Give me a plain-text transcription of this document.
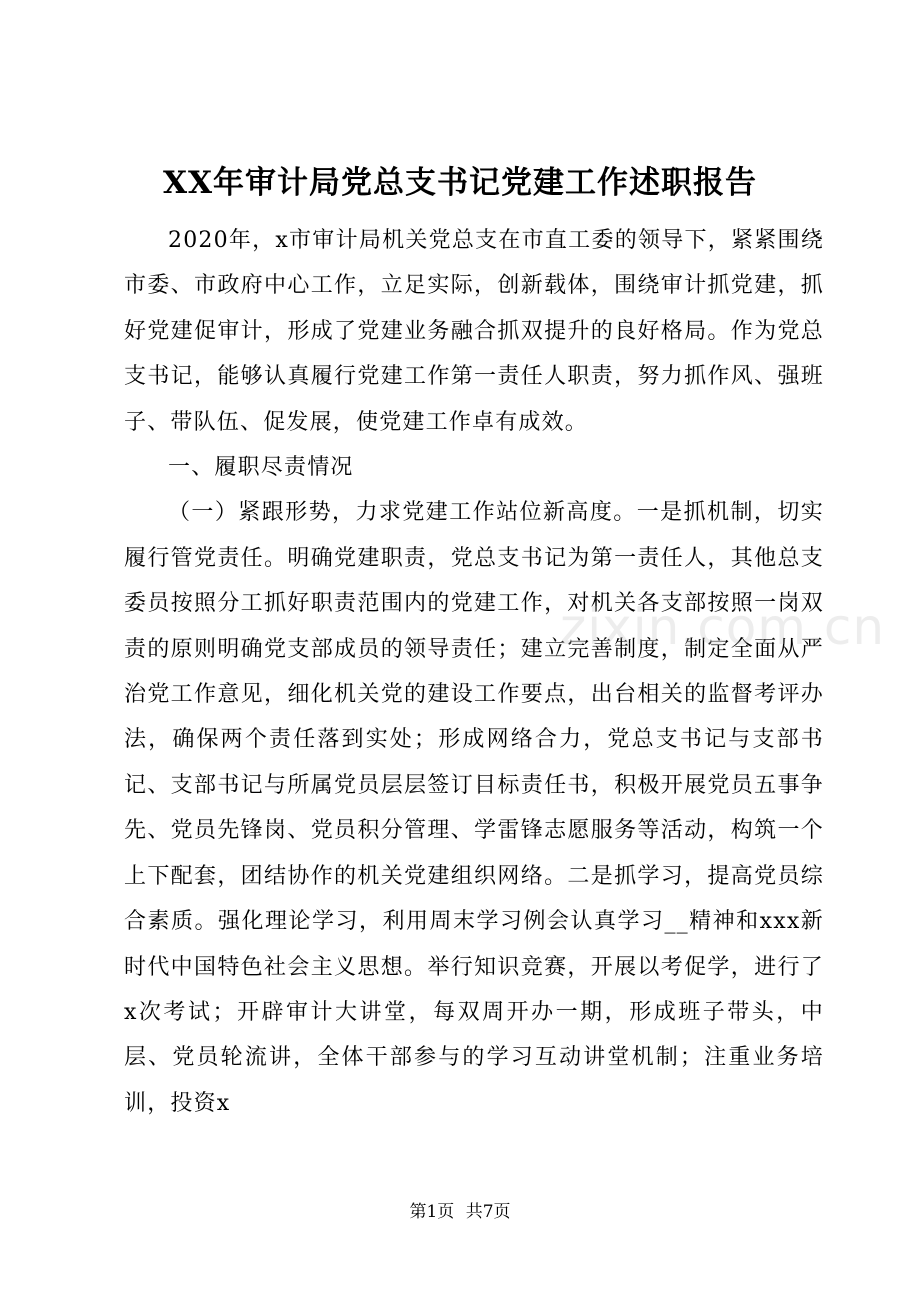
XX年审计局党总支书记党建工作述职报告

2020年，x市审计局机关党总支在市直工委的领导下，紧紧围绕市委、市政府中心工作，立足实际，创新载体，围绕审计抓党建，抓好党建促审计，形成了党建业务融合抓双提升的良好格局。作为党总支书记，能够认真履行党建工作第一责任人职责，努力抓作风、强班子、带队伍、促发展，使党建工作卓有成效。

一、履职尽责情况

（一）紧跟形势，力求党建工作站位新高度。一是抓机制，切实履行管党责任。明确党建职责，党总支书记为第一责任人，其他总支委员按照分工抓好职责范围内的党建工作，对机关各支部按照一岗双责的原则明确党支部成员的领导责任；建立完善制度，制定全面从严治党工作意见，细化机关党的建设工作要点，出台相关的监督考评办法，确保两个责任落到实处；形成网络合力，党总支书记与支部书记、支部书记与所属党员层层签订目标责任书，积极开展党员五事争先、党员先锋岗、党员积分管理、学雷锋志愿服务等活动，构筑一个上下配套，团结协作的机关党建组织网络。二是抓学习，提高党员综合素质。强化理论学习，利用周末学习例会认真学习__精神和xxx新时代中国特色社会主义思想。举行知识竞赛，开展以考促学，进行了x次考试；开辟审计大讲堂，每双周开办一期，形成班子带头，中层、党员轮流讲，全体干部参与的学习互动讲堂机制；注重业务培训，投资x

zixin.com.cn
第1页 共7页
